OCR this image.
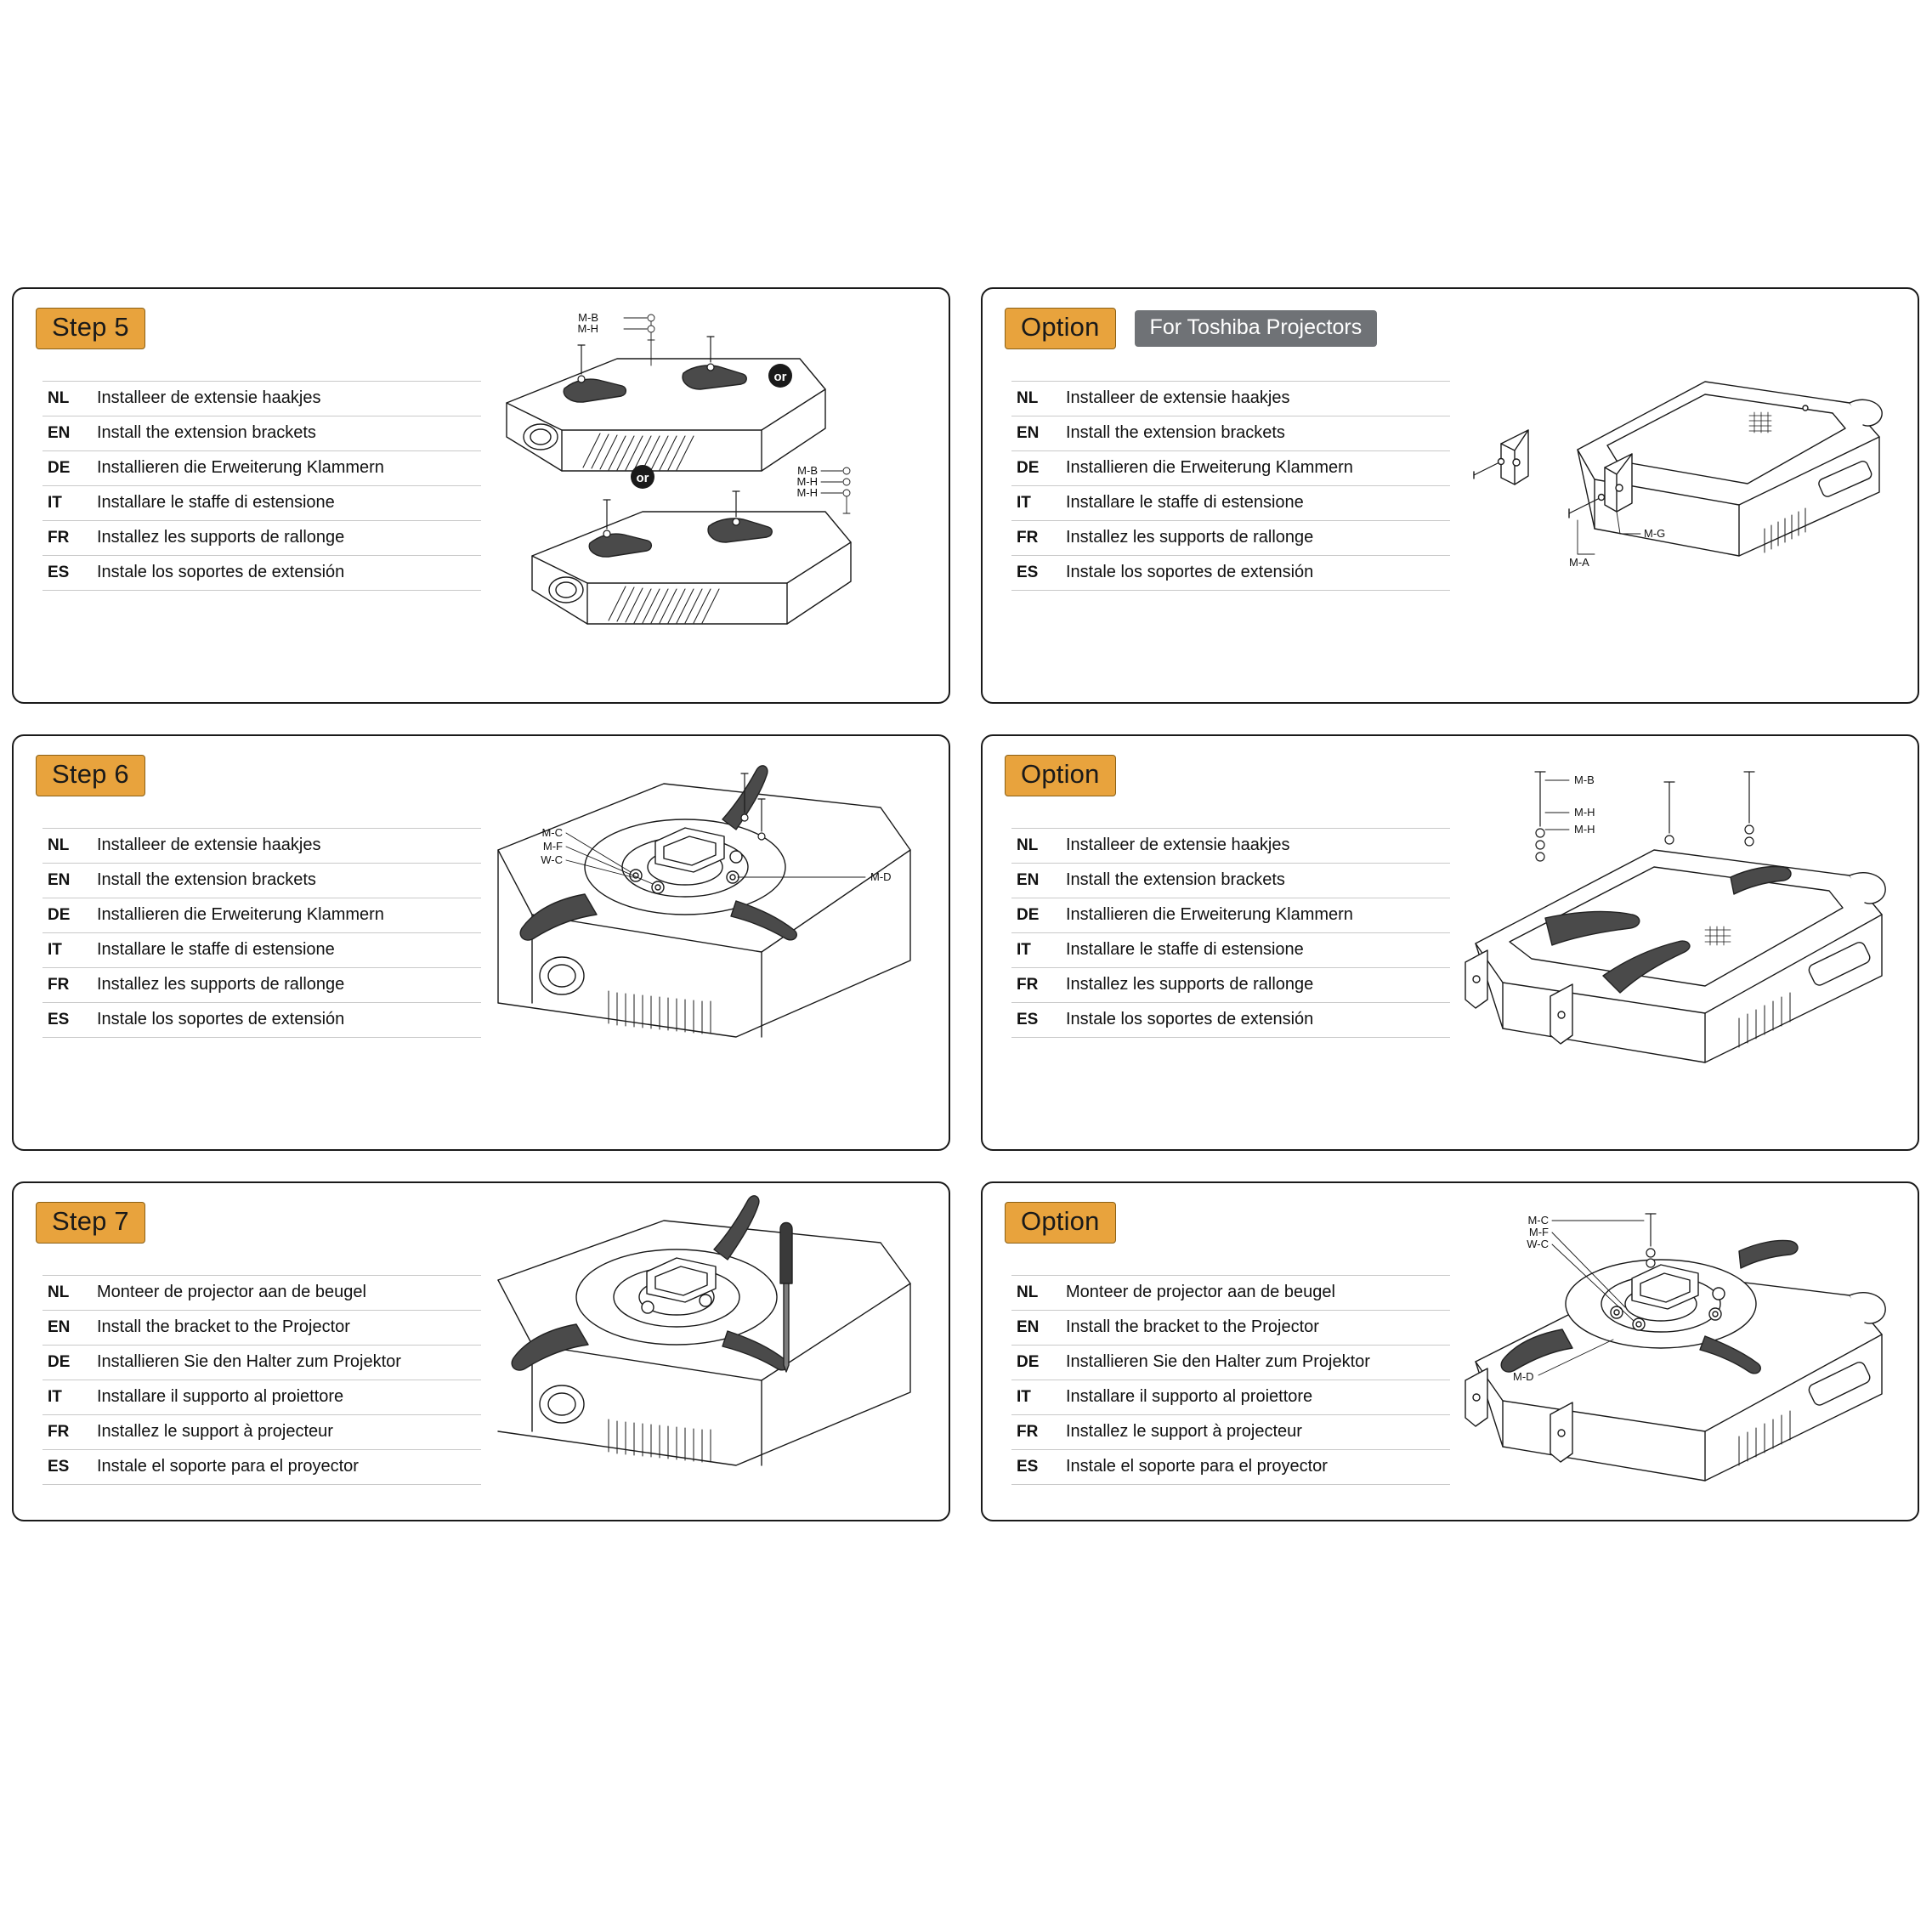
Step 5
NL	Installeer de extensie haakjes
EN	Install the extension brackets
DE	Installieren die Erweiterung Klammern
IT	Installare le staffe di estensione
FR	Installez les supports de rallonge
ES	Instale los soportes de extensión
M-B
M-H
or
or
M-B
M-H
M-H
Option	For Toshiba Projectors
NL	Installeer de extensie haakjes
EN	Install the extension brackets
DE	Installieren die Erweiterung Klammern
IT	Installare le staffe di estensione
FR	Installez les supports de rallonge
ES	Instale los soportes de extensión
M-G
M-A
Step 6
NL	Installeer de extensie haakjes
EN	Install the extension brackets
DE	Installieren die Erweiterung Klammern
IT	Installare le staffe di estensione
FR	Installez les supports de rallonge
ES	Instale los soportes de extensión
M-C
M-F
W-C
M-D
Option
NL	Installeer de extensie haakjes
EN	Install the extension brackets
DE	Installieren die Erweiterung Klammern
IT	Installare le staffe di estensione
FR	Installez les supports de rallonge
ES	Instale los soportes de extensión
M-B
M-H
M-H
Step 7
NL	Monteer de projector aan de beugel
EN	Install the bracket to the Projector
DE	Installieren Sie den Halter zum Projektor
IT	Installare il supporto al proiettore
FR	Installez le support à projecteur
ES	Instale el soporte para el proyector
Option
NL	Monteer de projector aan de beugel
EN	Install the bracket to the Projector
DE	Installieren Sie den Halter zum Projektor
IT	Installare il supporto al proiettore
FR	Installez le support à projecteur
ES	Instale el soporte para el proyector
M-C
M-F
W-C
M-D
